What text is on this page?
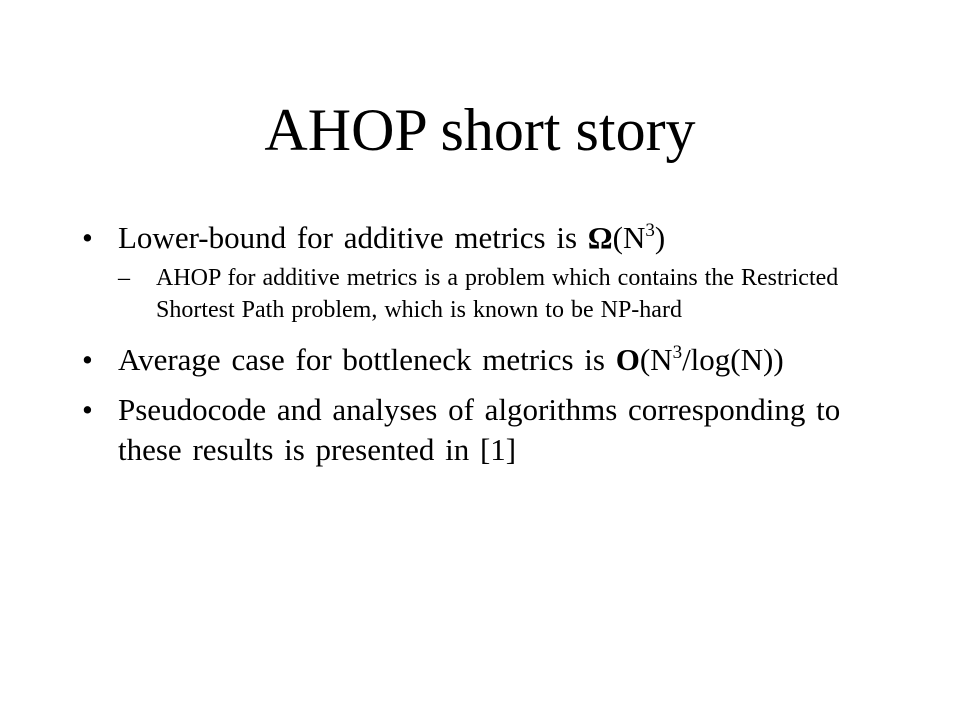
AHOP short story
• Lower-bound for additive metrics is $\Omega(N^3)$
– AHOP for additive metrics is a problem which contains the Restricted Shortest Path problem, which is known to be NP-hard
• Average case for bottleneck metrics is $O(N^3/\log(N))$
• Pseudocode and analyses of algorithms corresponding to these results is presented in [1]
